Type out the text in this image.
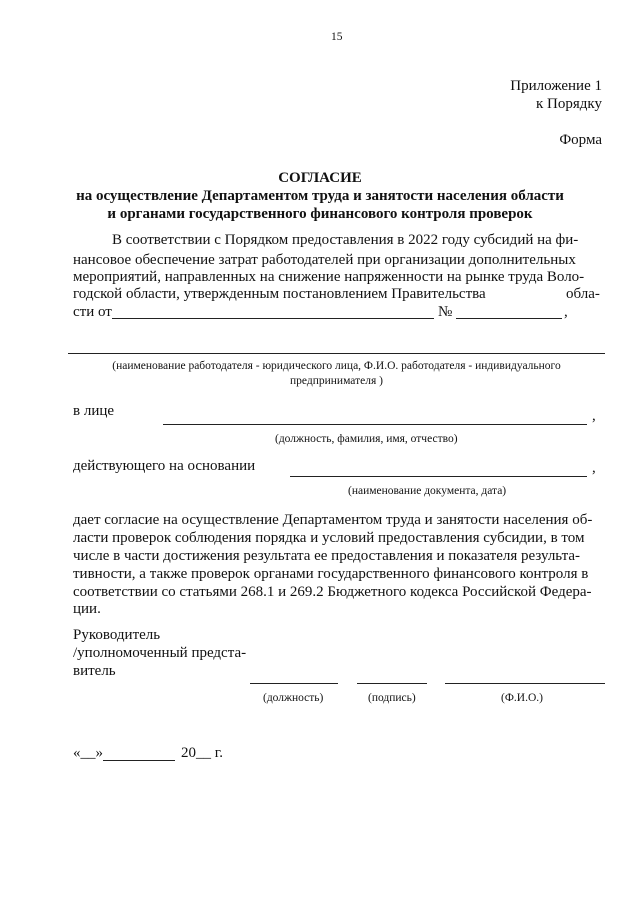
15
Приложение 1
к Порядку
Форма
СОГЛАСИЕ
на осуществление Департаментом труда и занятости населения области
и органами государственного финансового контроля проверок
В соответствии с Порядком предоставления в 2022 году субсидий на фи-
нансовое обеспечение затрат работодателей при организации дополнительных
мероприятий, направленных на снижение напряженности на рынке труда Воло-
годской области, утвержденным постановлением Правительства	обла-
сти от	№	,
(наименование работодателя - юридического лица, Ф.И.О. работодателя - индивидуального
предпринимателя )
в лице	,
(должность, фамилия, имя, отчество)
действующего на основании	,
(наименование документа, дата)
дает согласие на осуществление Департаментом труда и занятости населения об-
ласти проверок соблюдения порядка и условий предоставления субсидии, в том
числе в части достижения результата ее предоставления и показателя результа-
тивности, а также проверок органами государственного финансового контроля в
соответствии со статьями 268.1 и 269.2 Бюджетного кодекса Российской Федера-
ции.
Руководитель
/уполномоченный предста-
витель
(должность)	(подпись)	(Ф.И.О.)
«__»	20__ г.
